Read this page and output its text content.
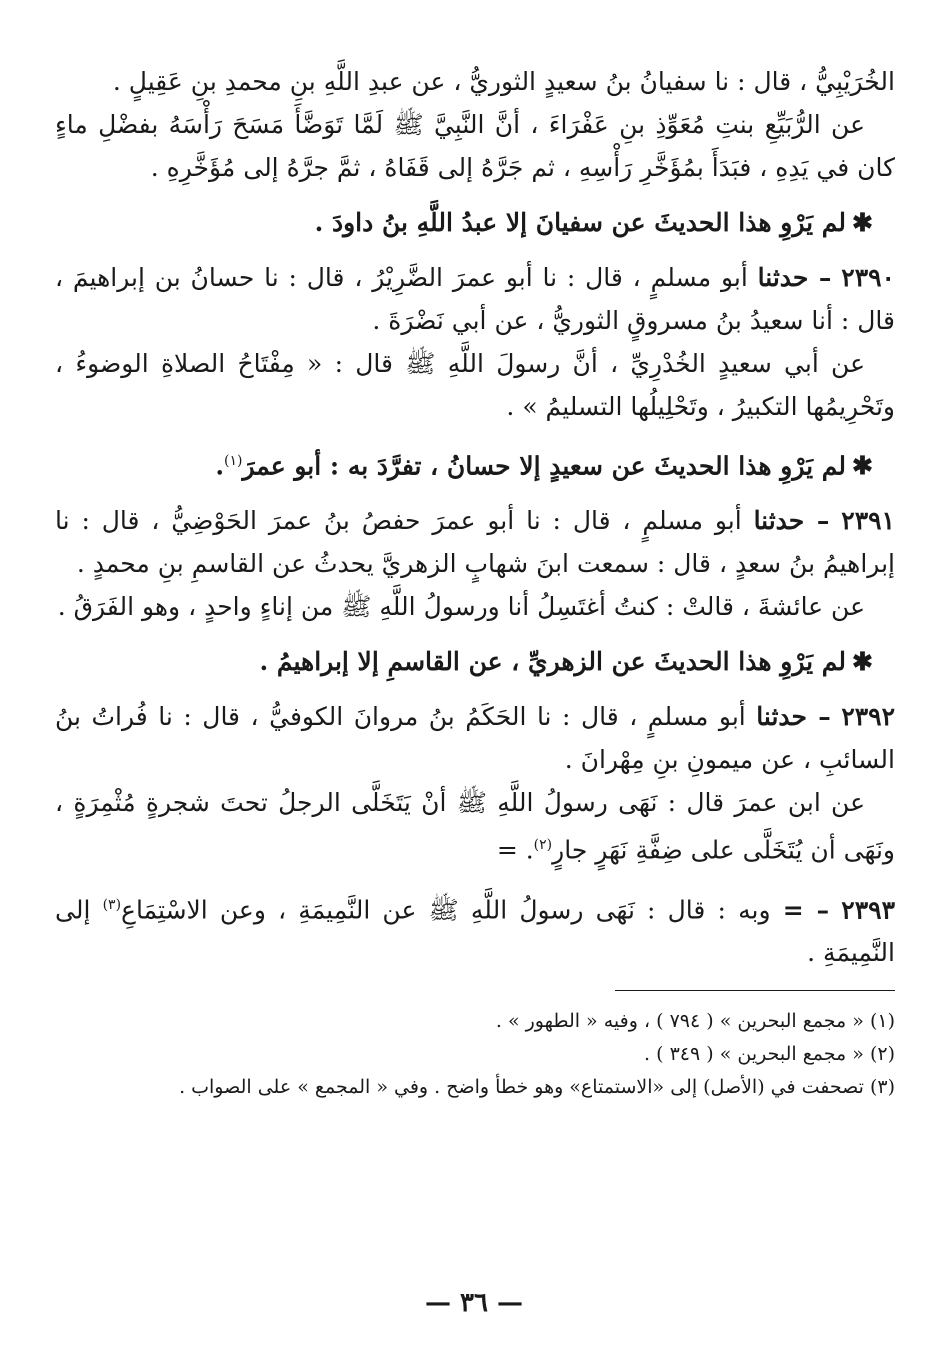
الخُرَيْبِيُّ ، قال : نا سفيانُ بنُ سعيدٍ الثوريُّ ، عن عبدِ اللَّهِ بنِ محمدِ بنِ عَقِيلٍ .

عن الرُّبَيِّعِ بنتِ مُعَوِّذِ بنِ عَفْرَاءَ ، أنَّ النَّبِيَّ ﷺ لَمَّا تَوَضَّأَ مَسَحَ رَأْسَهُ بفضْلِ ماءٍ كان في يَدِهِ ، فبَدَأَ بمُؤَخَّرِ رَأْسِهِ ، ثم جَرَّهُ إلى قَفَاهُ ، ثمَّ جرَّهُ إلى مُؤَخَّرِهِ .

✱لم يَرْوِ هذا الحديثَ عن سفيانَ إلا عبدُ اللَّهِ بنُ داودَ .

٢٣٩٠ – حدثنا أبو مسلمٍ ، قال : نا أبو عمرَ الضَّرِيْرُ ، قال : نا حسانُ بن إبراهيمَ ، قال : أنا سعيدُ بنُ مسروقٍ الثوريُّ ، عن أبي نَضْرَةَ .

عن أبي سعيدٍ الخُدْرِيِّ ، أنَّ رسولَ اللَّهِ ﷺ قال : « مِفْتَاحُ الصلاةِ الوضوءُ ، وتَحْرِيمُها التكبيرُ ، وتَحْلِيلُها التسليمُ » .

✱لم يَرْوِ هذا الحديثَ عن سعيدٍ إلا حسانُ ، تفرَّدَ به : أبو عمرَ$^{(١)}$.

٢٣٩١ – حدثنا أبو مسلمٍ ، قال : نا أبو عمرَ حفصُ بنُ عمرَ الحَوْضِيُّ ، قال : نا إبراهيمُ بنُ سعدٍ ، قال : سمعت ابنَ شهابٍ الزهريَّ يحدثُ عن القاسمِ بنِ محمدٍ .

عن عائشةَ ، قالتْ : كنتُ أغتَسِلُ أنا ورسولُ اللَّهِ ﷺ من إناءٍ واحدٍ ، وهو الفَرَقُ .

✱لم يَرْوِ هذا الحديثَ عن الزهريِّ ، عن القاسمِ إلا إبراهيمُ .

٢٣٩٢ – حدثنا أبو مسلمٍ ، قال : نا الحَكَمُ بنُ مروانَ الكوفيُّ ، قال : نا فُراتُ بنُ السائبِ ، عن ميمونِ بنِ مِهْرانَ .

عن ابن عمرَ قال : نَهَى رسولُ اللَّهِ ﷺ أنْ يَتَخَلَّى الرجلُ تحتَ شجرةٍ مُثْمِرَةٍ ، ونَهَى أن يُتَخَلَّى على ضِفَّةِ نَهَرٍ جارٍ$^{(٢)}$. =

٢٣٩٣ – = وبه : قال : نَهَى رسولُ اللَّهِ ﷺ عن النَّمِيمَةِ ، وعن الاسْتِمَاعِ$^{(٣)}$ إلى النَّمِيمَةِ .

(١) « مجمع البحرين » ( ٧٩٤ ) ، وفيه « الطهور » .

(٢) « مجمع البحرين » ( ٣٤٩ ) .

(٣) تصحفت في (الأصل) إلى «الاستمتاع» وهو خطأ واضح . وفي « المجمع » على الصواب .

— ٣٦ —
